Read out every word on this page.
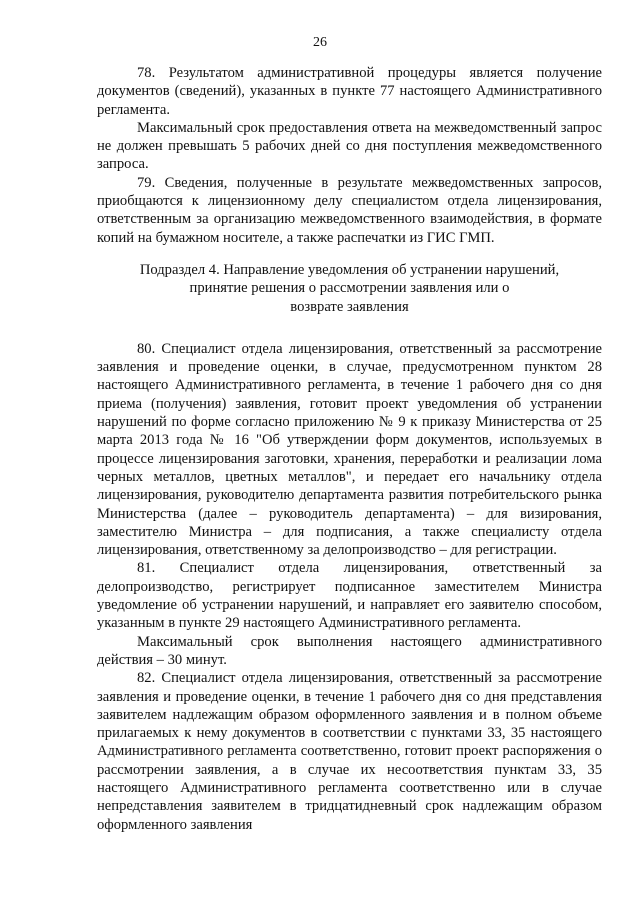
26

78. Результатом административной процедуры является получение документов (сведений), указанных в пункте 77 настоящего Административного регламента.

Максимальный срок предоставления ответа на межведомственный запрос не должен превышать 5 рабочих дней со дня поступления межведомственного запроса.

79. Сведения, полученные в результате межведомственных запросов, приобщаются к лицензионному делу специалистом отдела лицензирования, ответственным за организацию межведомственного взаимодействия, в формате копий на бумажном носителе, а также распечатки из ГИС ГМП.

Подраздел 4. Направление уведомления об устранении нарушений,
принятие решения о рассмотрении заявления или о
возврате заявления

80. Специалист отдела лицензирования, ответственный за рассмотрение заявления и проведение оценки, в случае, предусмотренном пунктом 28 настоящего Административного регламента, в течение 1 рабочего дня со дня приема (получения) заявления, готовит проект уведомления об устранении нарушений по форме согласно приложению № 9 к приказу Министерства от 25 марта 2013 года № 16 "Об утверждении форм документов, используемых в процессе лицензирования заготовки, хранения, переработки и реализации лома черных металлов, цветных металлов", и передает его начальнику отдела лицензирования, руководителю департамента развития потребительского рынка Министерства (далее – руководитель департамента) – для визирования, заместителю Министра – для подписания, а также специалисту отдела лицензирования, ответственному за делопроизводство – для регистрации.

81. Специалист отдела лицензирования, ответственный за делопроизводство, регистрирует подписанное заместителем Министра уведомление об устранении нарушений, и направляет его заявителю способом, указанным в пункте 29 настоящего Административного регламента.

Максимальный срок выполнения настоящего административного действия – 30 минут.

82. Специалист отдела лицензирования, ответственный за рассмотрение заявления и проведение оценки, в течение 1 рабочего дня со дня представления заявителем надлежащим образом оформленного заявления и в полном объеме прилагаемых к нему документов в соответствии с пунктами 33, 35 настоящего Административного регламента соответственно, готовит проект распоряжения о рассмотрении заявления, а в случае их несоответствия пунктам 33, 35 настоящего Административного регламента соответственно или в случае непредставления заявителем в тридцатидневный срок надлежащим образом оформленного заявления
